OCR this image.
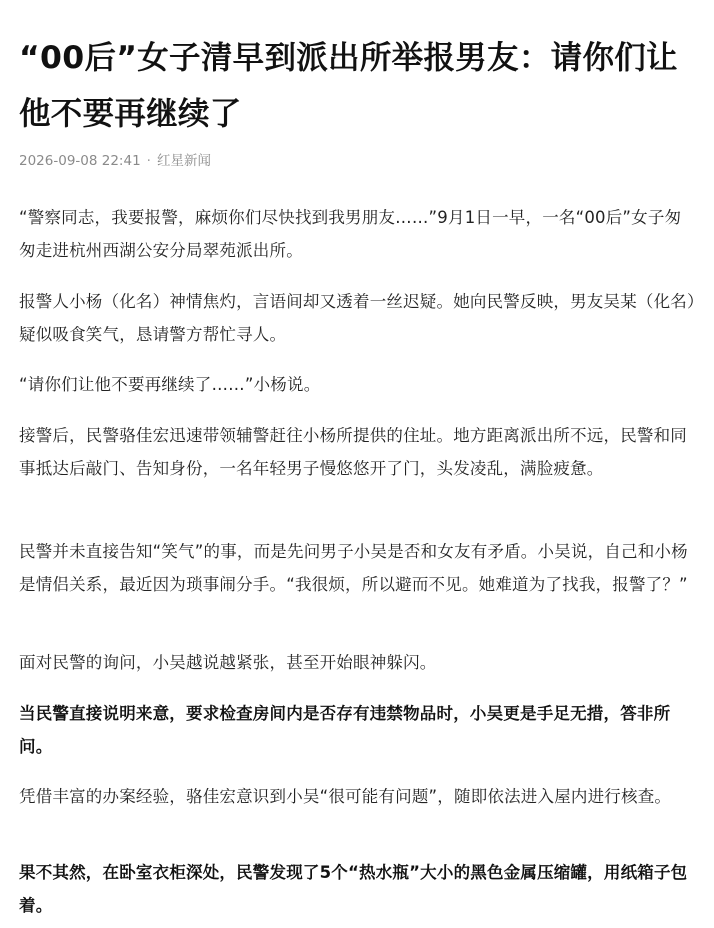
“00后”女子清早到派出所举报男友：请你们让他不要再继续了
2026-09-08 22:41 · 红星新闻

“警察同志，我要报警，麻烦你们尽快找到我男朋友……”9月1日一早，一名“00后”女子匆匆走进杭州西湖公安分局翠苑派出所。

报警人小杨（化名）神情焦灼，言语间却又透着一丝迟疑。她向民警反映，男友吴某（化名）疑似吸食笑气，恳请警方帮忙寻人。

“请你们让他不要再继续了……”小杨说。

接警后，民警骆佳宏迅速带领辅警赶往小杨所提供的住址。地方距离派出所不远，民警和同事抵达后敲门、告知身份，一名年轻男子慢悠悠开了门，头发凌乱，满脸疲惫。

民警并未直接告知“笑气”的事，而是先问男子小吴是否和女友有矛盾。小吴说，自己和小杨是情侣关系，最近因为琐事闹分手。“我很烦，所以避而不见。她难道为了找我，报警了？”

面对民警的询问，小吴越说越紧张，甚至开始眼神躲闪。

当民警直接说明来意，要求检查房间内是否存有违禁物品时，小吴更是手足无措，答非所问。

凭借丰富的办案经验，骆佳宏意识到小吴“很可能有问题”，随即依法进入屋内进行核查。

果不其然，在卧室衣柜深处，民警发现了5个“热水瓶”大小的黑色金属压缩罐，用纸箱子包着。
